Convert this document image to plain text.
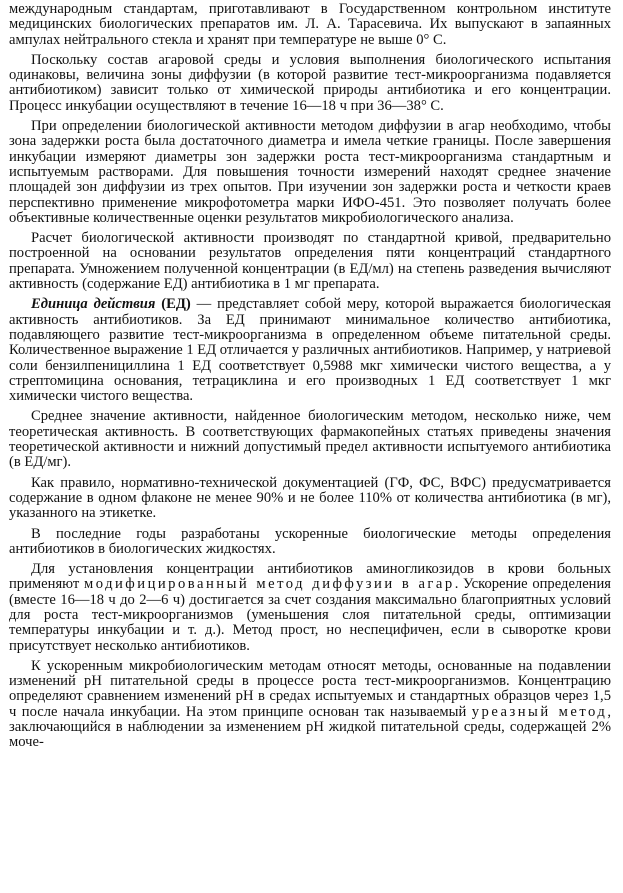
международным стандартам, приготавливают в Государственном контрольном институте медицинских биологических препаратов им. Л. А. Тарасевича. Их выпускают в запаянных ампулах нейтрального стекла и хранят при температуре не выше 0° С.

Поскольку состав агаровой среды и условия выполнения биологического испытания одинаковы, величина зоны диффузии (в которой развитие тест-микроорганизма подавляется антибиотиком) зависит только от химической природы антибиотика и его концентрации. Процесс инкубации осуществляют в течение 16—18 ч при 36—38° С.

При определении биологической активности методом диффузии в агар необходимо, чтобы зона задержки роста была достаточного диаметра и имела четкие границы. После завершения инкубации измеряют диаметры зон задержки роста тест-микроорганизма стандартным и испытуемым растворами. Для повышения точности измерений находят среднее значение площадей зон диффузии из трех опытов. При изучении зон задержки роста и четкости краев перспективно применение микрофотометра марки ИФО-451. Это позволяет получать более объективные количественные оценки результатов микробиологического анализа.

Расчет биологической активности производят по стандартной кривой, предварительно построенной на основании результатов определения пяти концентраций стандартного препарата. Умножением полученной концентрации (в ЕД/мл) на степень разведения вычисляют активность (содержание ЕД) антибиотика в 1 мг препарата.

Единица действия (ЕД) — представляет собой меру, которой выражается биологическая активность антибиотиков. За ЕД принимают минимальное количество антибиотика, подавляющего развитие тест-микроорганизма в определенном объеме питательной среды. Количественное выражение 1 ЕД отличается у различных антибиотиков. Например, у натриевой соли бензилпенициллина 1 ЕД соответствует 0,5988 мкг химически чистого вещества, а у стрептомицина основания, тетрациклина и его производных 1 ЕД соответствует 1 мкг химически чистого вещества.

Среднее значение активности, найденное биологическим методом, несколько ниже, чем теоретическая активность. В соответствующих фармакопейных статьях приведены значения теоретической активности и нижний допустимый предел активности испытуемого антибиотика (в ЕД/мг).

Как правило, нормативно-технической документацией (ГФ, ФС, ВФС) предусматривается содержание в одном флаконе не менее 90% и не более 110% от количества антибиотика (в мг), указанного на этикетке.

В последние годы разработаны ускоренные биологические методы определения антибиотиков в биологических жидкостях.

Для установления концентрации антибиотиков аминогликозидов в крови больных применяют модифицированный метод диффузии в агар. Ускорение определения (вместе 16—18 ч до 2—6 ч) достигается за счет создания максимально благоприятных условий для роста тест-микроорганизмов (уменьшения слоя питательной среды, оптимизации температуры инкубации и т. д.). Метод прост, но неспецифичен, если в сыворотке крови присутствует несколько антибиотиков.

К ускоренным микробиологическим методам относят методы, основанные на подавлении изменений pH питательной среды в процессе роста тест-микроорганизмов. Концентрацию определяют сравнением изменений pH в средах испытуемых и стандартных образцов через 1,5 ч после начала инкубации. На этом принципе основан так называемый уреазный метод, заключающийся в наблюдении за изменением pH жидкой питательной среды, содержащей 2% моче-
